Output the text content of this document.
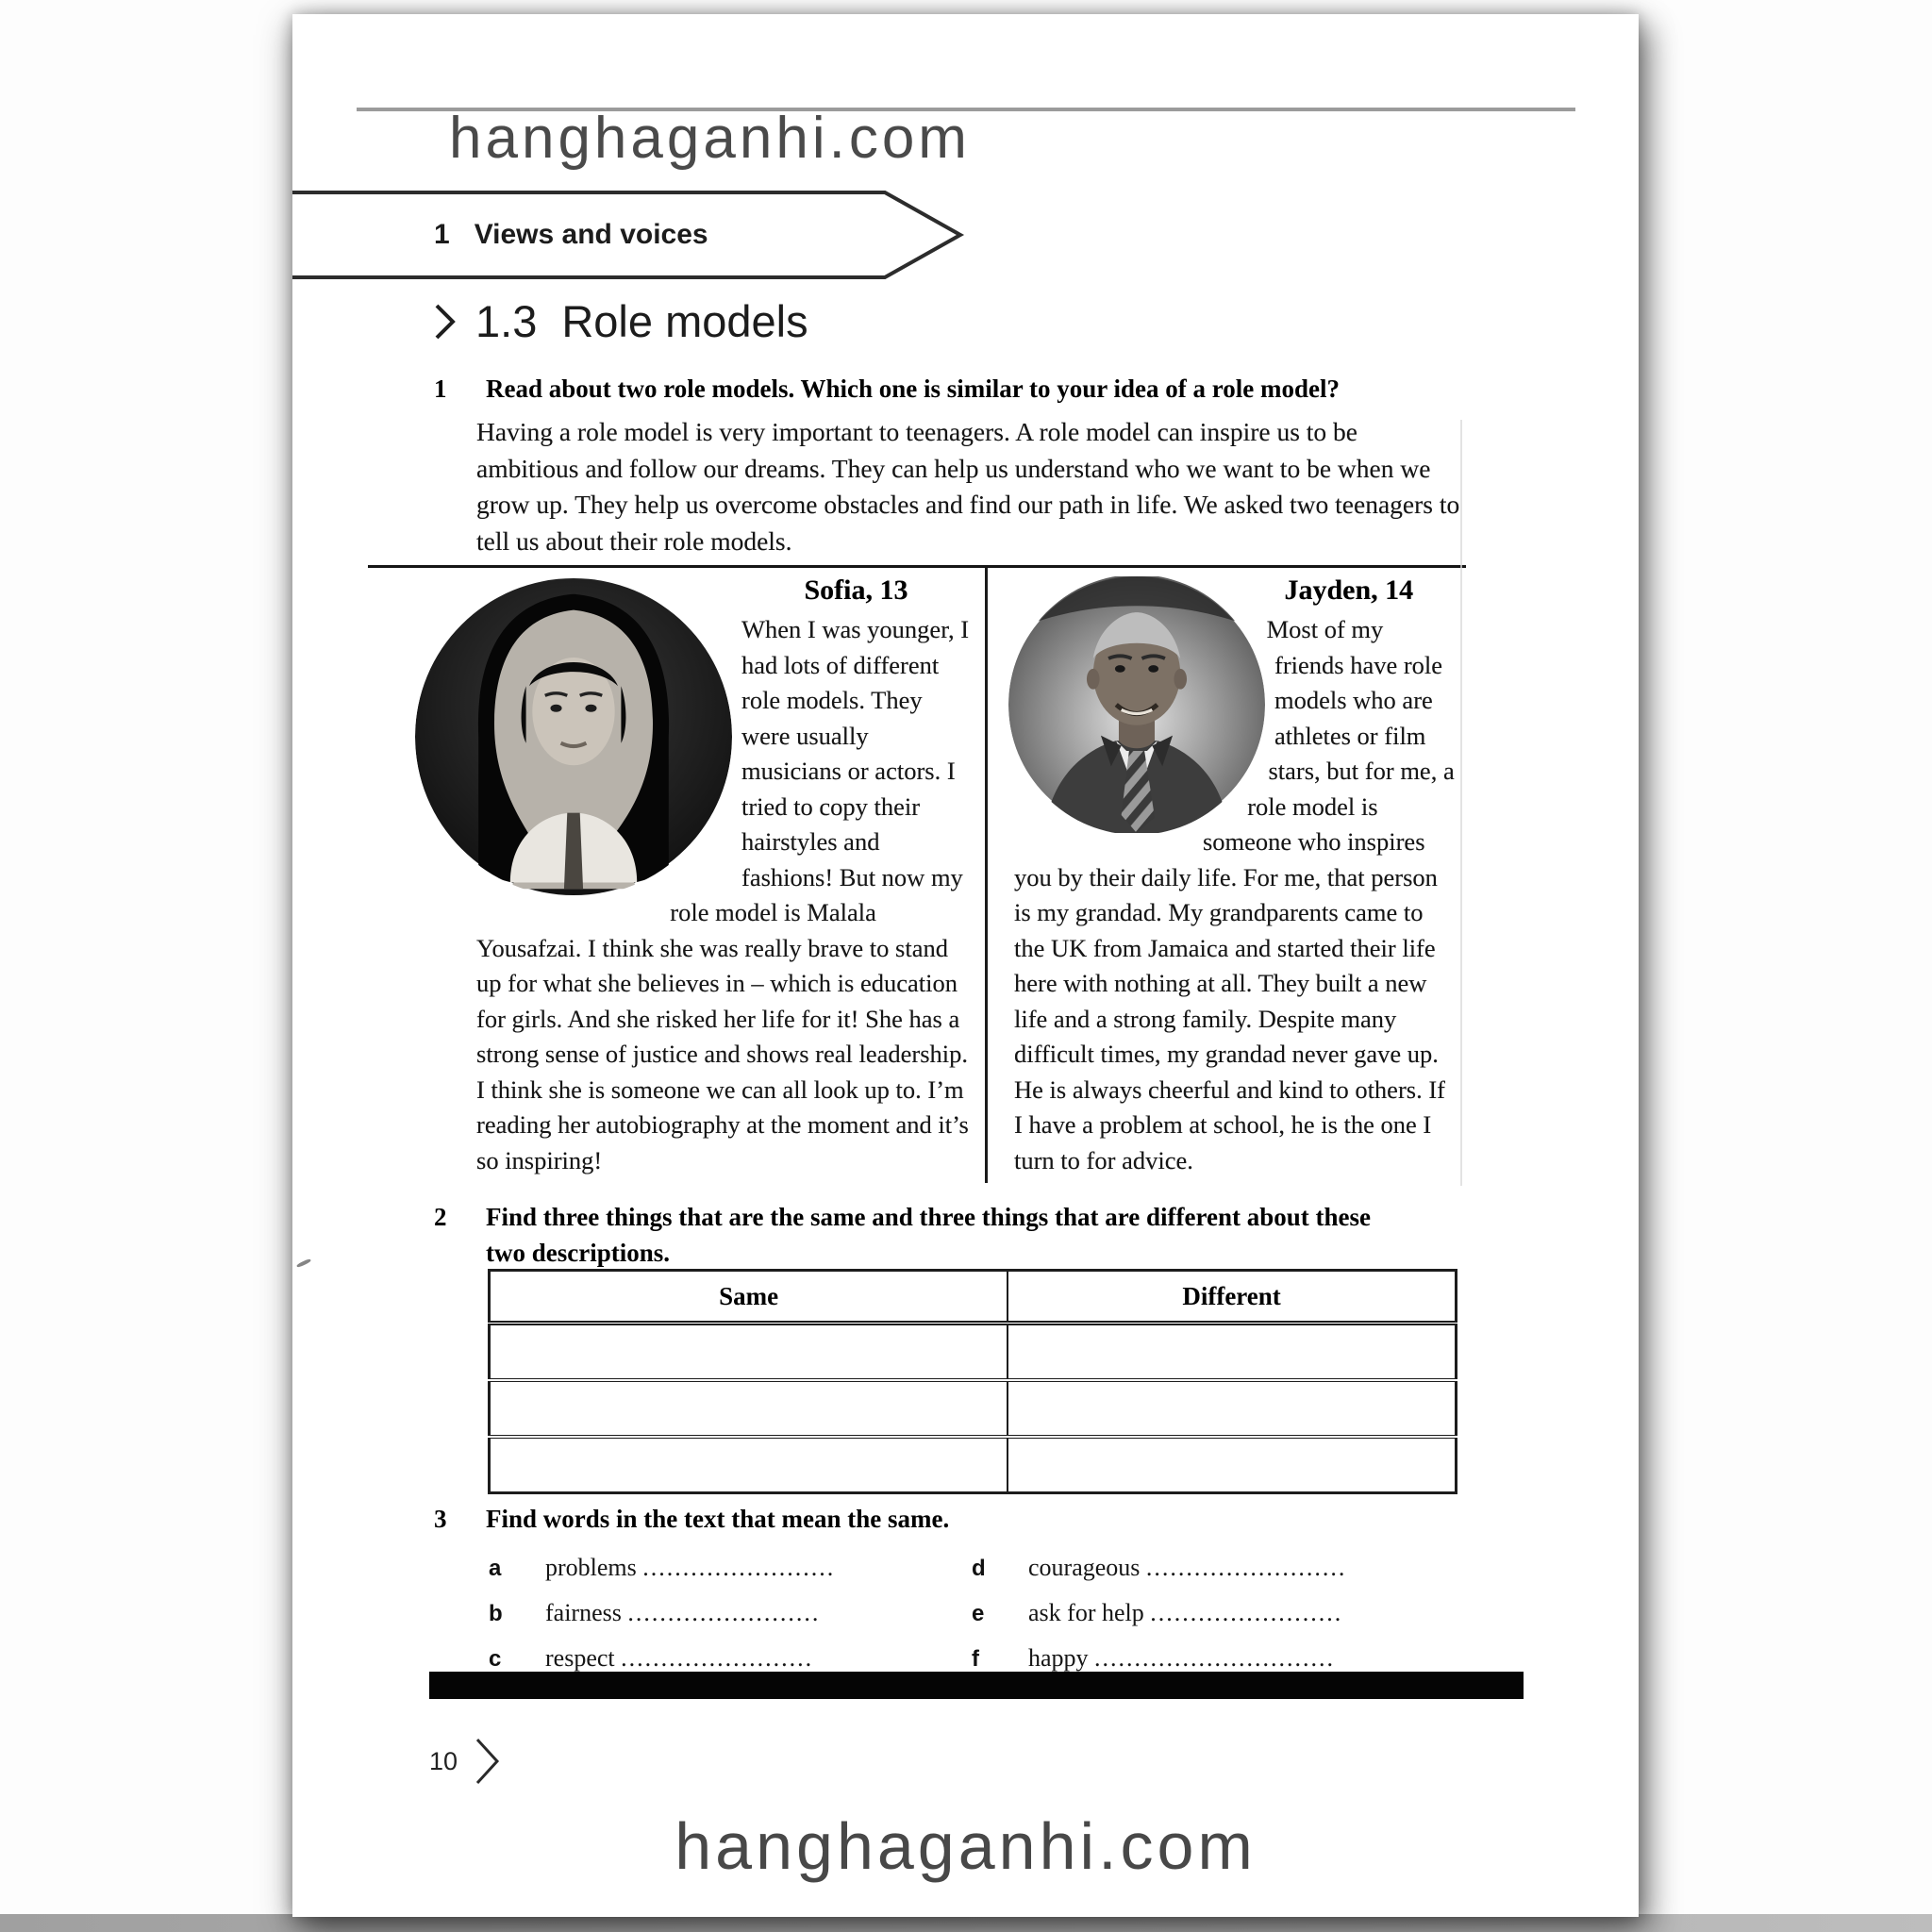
hanghaganhi.com
1 Views and voices
1.3 Role models
1	Read about two role models. Which one is similar to your idea of a role model?
Having a role model is very important to teenagers. A role model can inspire us to be ambitious and follow our dreams. They can help us understand who we want to be when we grow up. They help us overcome obstacles and find our path in life. We asked two teenagers to tell us about their role models.
Sofia, 13
When I was younger, I had lots of different role models. They were usually musicians or actors. I tried to copy their hairstyles and fashions! But now my role model is Malala Yousafzai. I think she was really brave to stand up for what she believes in – which is education for girls. And she risked her life for it! She has a strong sense of justice and shows real leadership. I think she is someone we can all look up to. I’m reading her autobiography at the moment and it’s so inspiring!
Jayden, 14
Most of my friends have role models who are athletes or film stars, but for me, a role model is someone who inspires you by their daily life. For me, that person is my grandad. My grandparents came to the UK from Jamaica and started their life here with nothing at all. They built a new life and a strong family. Despite many difficult times, my grandad never gave up. He is always cheerful and kind to others. If I have a problem at school, he is the one I turn to for advice.
2	Find three things that are the same and three things that are different about these
two descriptions.
Same	Different

3	Find words in the text that mean the same.
a problems ........................
b fairness ........................
c respect ........................
d courageous .........................
e ask for help ........................
f happy ..............................
10
hanghaganhi.com
